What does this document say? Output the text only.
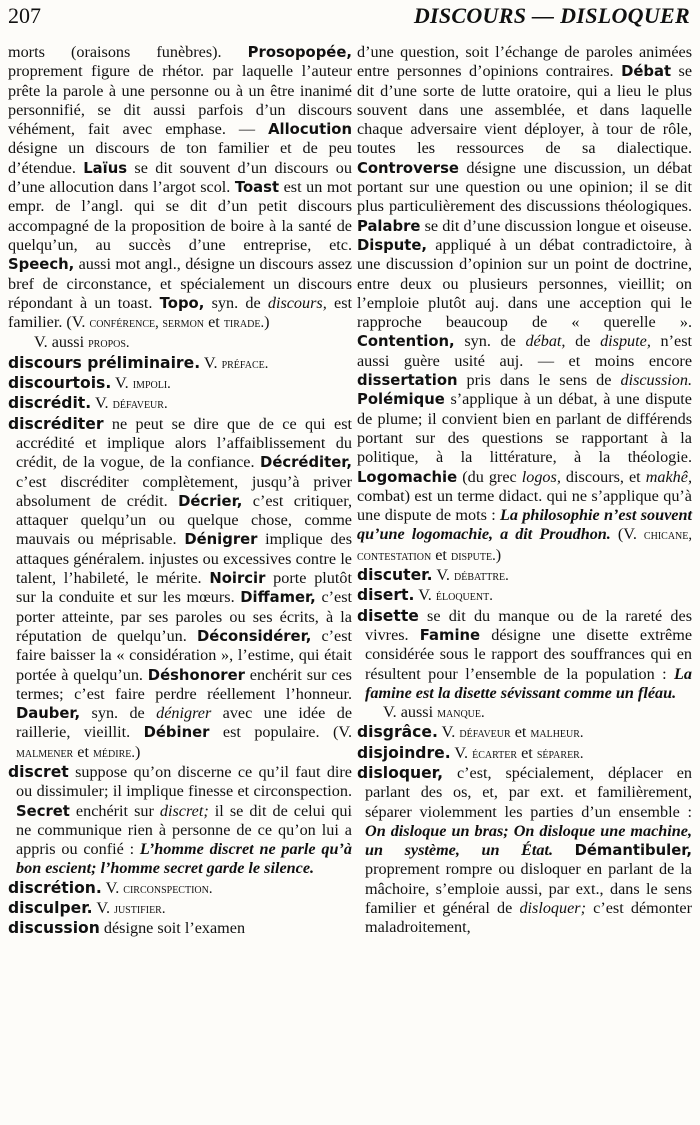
207	DISCOURS — DISLOQUER

morts (oraisons funèbres). Prosopopée, proprement figure de rhétor. par laquelle l’auteur prête la parole à une personne ou à un être inanimé personnifié, se dit aussi parfois d’un discours véhément, fait avec emphase. — Allocution désigne un discours de ton familier et de peu d’étendue. Laïus se dit souvent d’un discours ou d’une allocution dans l’argot scol. Toast est un mot empr. de l’angl. qui se dit d’un petit discours accompagné de la proposition de boire à la santé de quelqu’un, au succès d’une entreprise, etc. Speech, aussi mot angl., désigne un discours assez bref de circonstance, et spécialement un discours répondant à un toast. Topo, syn. de discours, est familier. (V. conférence, sermon et tirade.)

V. aussi propos.

discours préliminaire. V. préface.

discourtois. V. impoli.

discrédit. V. défaveur.

discréditer ne peut se dire que de ce qui est accrédité et implique alors l’affaiblissement du crédit, de la vogue, de la confiance. Décréditer, c’est discréditer complètement, jusqu’à priver absolument de crédit. Décrier, c’est critiquer, attaquer quelqu’un ou quelque chose, comme mauvais ou méprisable. Dénigrer implique des attaques généralem. injustes ou excessives contre le talent, l’habileté, le mérite. Noircir porte plutôt sur la conduite et sur les mœurs. Diffamer, c’est porter atteinte, par ses paroles ou ses écrits, à la réputation de quelqu’un. Déconsidérer, c’est faire baisser la « considération », l’estime, qui était portée à quelqu’un. Déshonorer enchérit sur ces termes; c’est faire perdre réellement l’honneur. Dauber, syn. de dénigrer avec une idée de raillerie, vieillit. Débiner est populaire. (V. malmener et médire.)

discret suppose qu’on discerne ce qu’il faut dire ou dissimuler; il implique finesse et circonspection. Secret enchérit sur discret; il se dit de celui qui ne communique rien à personne de ce qu’on lui a appris ou confié : L’homme discret ne parle qu’à bon escient; l’homme secret garde le silence.

discrétion. V. circonspection.

disculper. V. justifier.

discussion désigne soit l’examen

d’une question, soit l’échange de paroles animées entre personnes d’opinions contraires. Débat se dit d’une sorte de lutte oratoire, qui a lieu le plus souvent dans une assemblée, et dans laquelle chaque adversaire vient déployer, à tour de rôle, toutes les ressources de sa dialectique. Controverse désigne une discussion, un débat portant sur une question ou une opinion; il se dit plus particulièrement des discussions théologiques. Palabre se dit d’une discussion longue et oiseuse. Dispute, appliqué à un débat contradictoire, à une discussion d’opinion sur un point de doctrine, entre deux ou plusieurs personnes, vieillit; on l’emploie plutôt auj. dans une acception qui le rapproche beaucoup de « querelle ». Contention, syn. de débat, de dispute, n’est aussi guère usité auj. — et moins encore dissertation pris dans le sens de discussion. Polémique s’applique à un débat, à une dispute de plume; il convient bien en parlant de différends portant sur des questions se rapportant à la politique, à la littérature, à la théologie. Logomachie (du grec logos, discours, et makhê, combat) est un terme didact. qui ne s’applique qu’à une dispute de mots : La philosophie n’est souvent qu’une logomachie, a dit Proudhon. (V. chicane, contestation et dispute.)

discuter. V. débattre.

disert. V. éloquent.

disette se dit du manque ou de la rareté des vivres. Famine désigne une disette extrême considérée sous le rapport des souffrances qui en résultent pour l’ensemble de la population : La famine est la disette sévissant comme un fléau.

V. aussi manque.

disgrâce. V. défaveur et malheur.

disjoindre. V. écarter et séparer.

disloquer, c’est, spécialement, déplacer en parlant des os, et, par ext. et familièrement, séparer violemment les parties d’un ensemble : On disloque un bras; On disloque une machine, un système, un État. Démantibuler, proprement rompre ou disloquer en parlant de la mâchoire, s’emploie aussi, par ext., dans le sens familier et général de disloquer; c’est démonter maladroitement,
